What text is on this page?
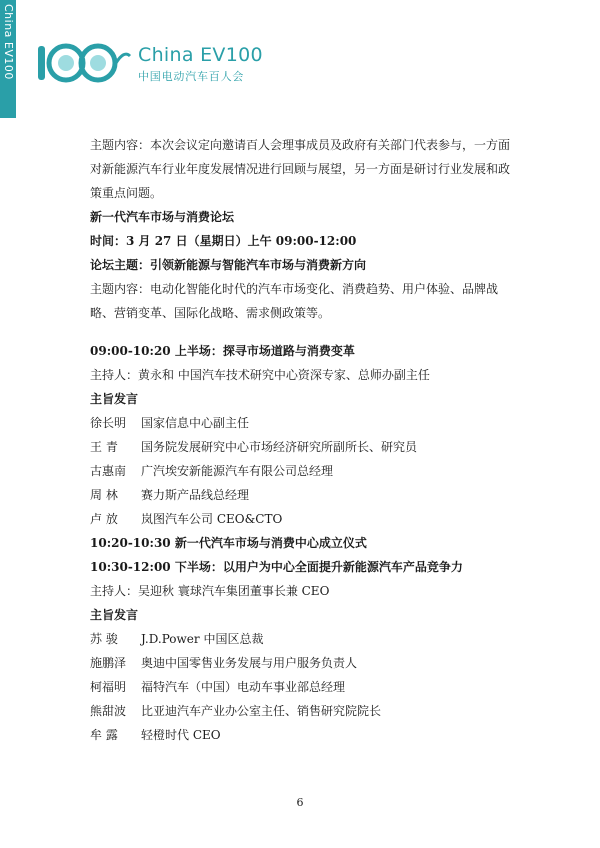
China EV100	China EV100
中国电动汽车百人会

主题内容：本次会议定向邀请百人会理事成员及政府有关部门代表参与，一方面对新能源汽车行业年度发展情况进行回顾与展望，另一方面是研讨行业发展和政策重点问题。

新一代汽车市场与消费论坛
时间：3 月 27 日（星期日）上午 09:00-12:00
论坛主题：引领新能源与智能汽车市场与消费新方向

主题内容：电动化智能化时代的汽车市场变化、消费趋势、用户体验、品牌战略、营销变革、国际化战略、需求侧政策等。

09:00-10:20 上半场：探寻市场道路与消费变革
主持人：黄永和 中国汽车技术研究中心资深专家、总师办副主任
主旨发言
徐长明	国家信息中心副主任
王 青	国务院发展研究中心市场经济研究所副所长、研究员
古惠南	广汽埃安新能源汽车有限公司总经理
周 林	赛力斯产品线总经理
卢 放	岚图汽车公司 CEO&CTO
10:20-10:30 新一代汽车市场与消费中心成立仪式
10:30-12:00 下半场：以用户为中心全面提升新能源汽车产品竞争力
主持人：吴迎秋 寰球汽车集团董事长兼 CEO
主旨发言
苏 骏	J.D.Power 中国区总裁
施鹏泽	奥迪中国零售业务发展与用户服务负责人
柯福明	福特汽车（中国）电动车事业部总经理
熊甜波	比亚迪汽车产业办公室主任、销售研究院院长
牟 露	轻橙时代 CEO
6
